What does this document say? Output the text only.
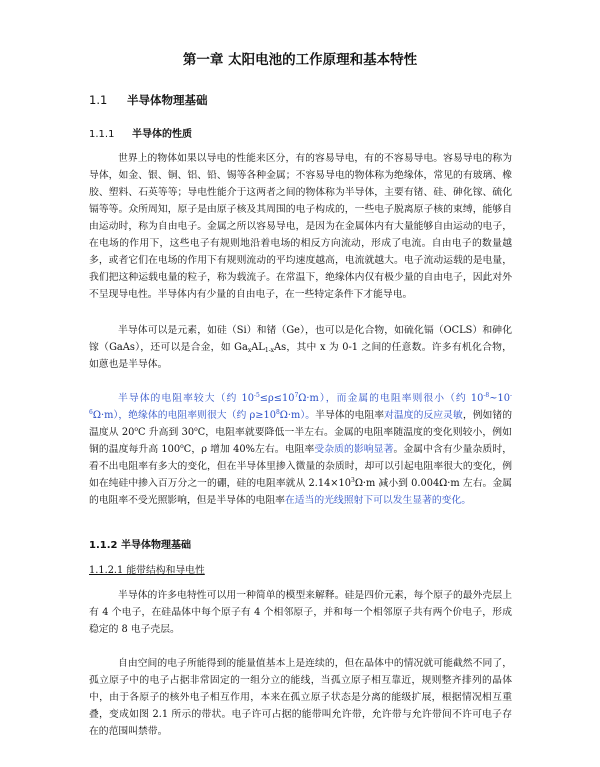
第一章 太阳电池的工作原理和基本特性
1.1 半导体物理基础
1.1.1 半导体的性质

世界上的物体如果以导电的性能来区分，有的容易导电，有的不容易导电。容易导电的称为导体，如金、银、铜、铝、铅、锡等各种金属；不容易导电的物体称为绝缘体，常见的有玻璃、橡胶、塑料、石英等等；导电性能介于这两者之间的物体称为半导体，主要有锗、硅、砷化镓、硫化镉等等。众所周知，原子是由原子核及其周围的电子构成的，一些电子脱离原子核的束缚，能够自由运动时，称为自由电子。金属之所以容易导电，是因为在金属体内有大量能够自由运动的电子，在电场的作用下，这些电子有规则地沿着电场的相反方向流动，形成了电流。自由电子的数量越多，或者它们在电场的作用下有规则流动的平均速度越高，电流就越大。电子流动运载的是电量，我们把这种运载电量的粒子，称为载流子。在常温下，绝缘体内仅有极少量的自由电子，因此对外不呈现导电性。半导体内有少量的自由电子，在一些特定条件下才能导电。

半导体可以是元素，如硅（Si）和锗（Ge），也可以是化合物，如硫化镉（OCLS）和砷化镓（GaAs），还可以是合金，如 $Ga_xAL_{1-x}As$，其中 x 为 0-1 之间的任意数。许多有机化合物，如蒽也是半导体。

半导体的电阻率较大（约 $10^{-5}\le\rho\le 10^7\Omega\cdot m$），而金属的电阻率则很小（约 $10^{-8}\sim 10^{-6}\Omega\cdot m$），绝缘体的电阻率则很大（约 $\rho\ge 10^8\Omega\cdot m$）。半导体的电阻率对温度的反应灵敏，例如锗的温度从 20$^o$C 升高到 30$^o$C，电阻率就要降低一半左右。金属的电阻率随温度的变化则较小，例如铜的温度每升高 100$^o$C，ρ 增加 40%左右。电阻率受杂质的影响显著。金属中含有少量杂质时，看不出电阻率有多大的变化，但在半导体里掺入微量的杂质时，却可以引起电阻率很大的变化，例如在纯硅中掺入百万分之一的硼，硅的电阻率就从 $2.14\times 10^3\Omega\cdot m$ 减小到 0.004Ω·m 左右。金属的电阻率不受光照影响，但是半导体的电阻率在适当的光线照射下可以发生显著的变化。

1.1.2 半导体物理基础
1.1.2.1 能带结构和导电性

半导体的许多电特性可以用一种简单的模型来解释。硅是四价元素，每个原子的最外壳层上有 4 个电子，在硅晶体中每个原子有 4 个相邻原子，并和每一个相邻原子共有两个价电子，形成稳定的 8 电子壳层。

自由空间的电子所能得到的能量值基本上是连续的，但在晶体中的情况就可能截然不同了，孤立原子中的电子占据非常固定的一组分立的能线，当孤立原子相互靠近，规则整齐排列的晶体中，由于各原子的核外电子相互作用，本来在孤立原子状态是分离的能级扩展，根据情况相互重叠，变成如图 2.1 所示的带状。电子许可占据的能带叫允许带，允许带与允许带间不许可电子存在的范围叫禁带。
